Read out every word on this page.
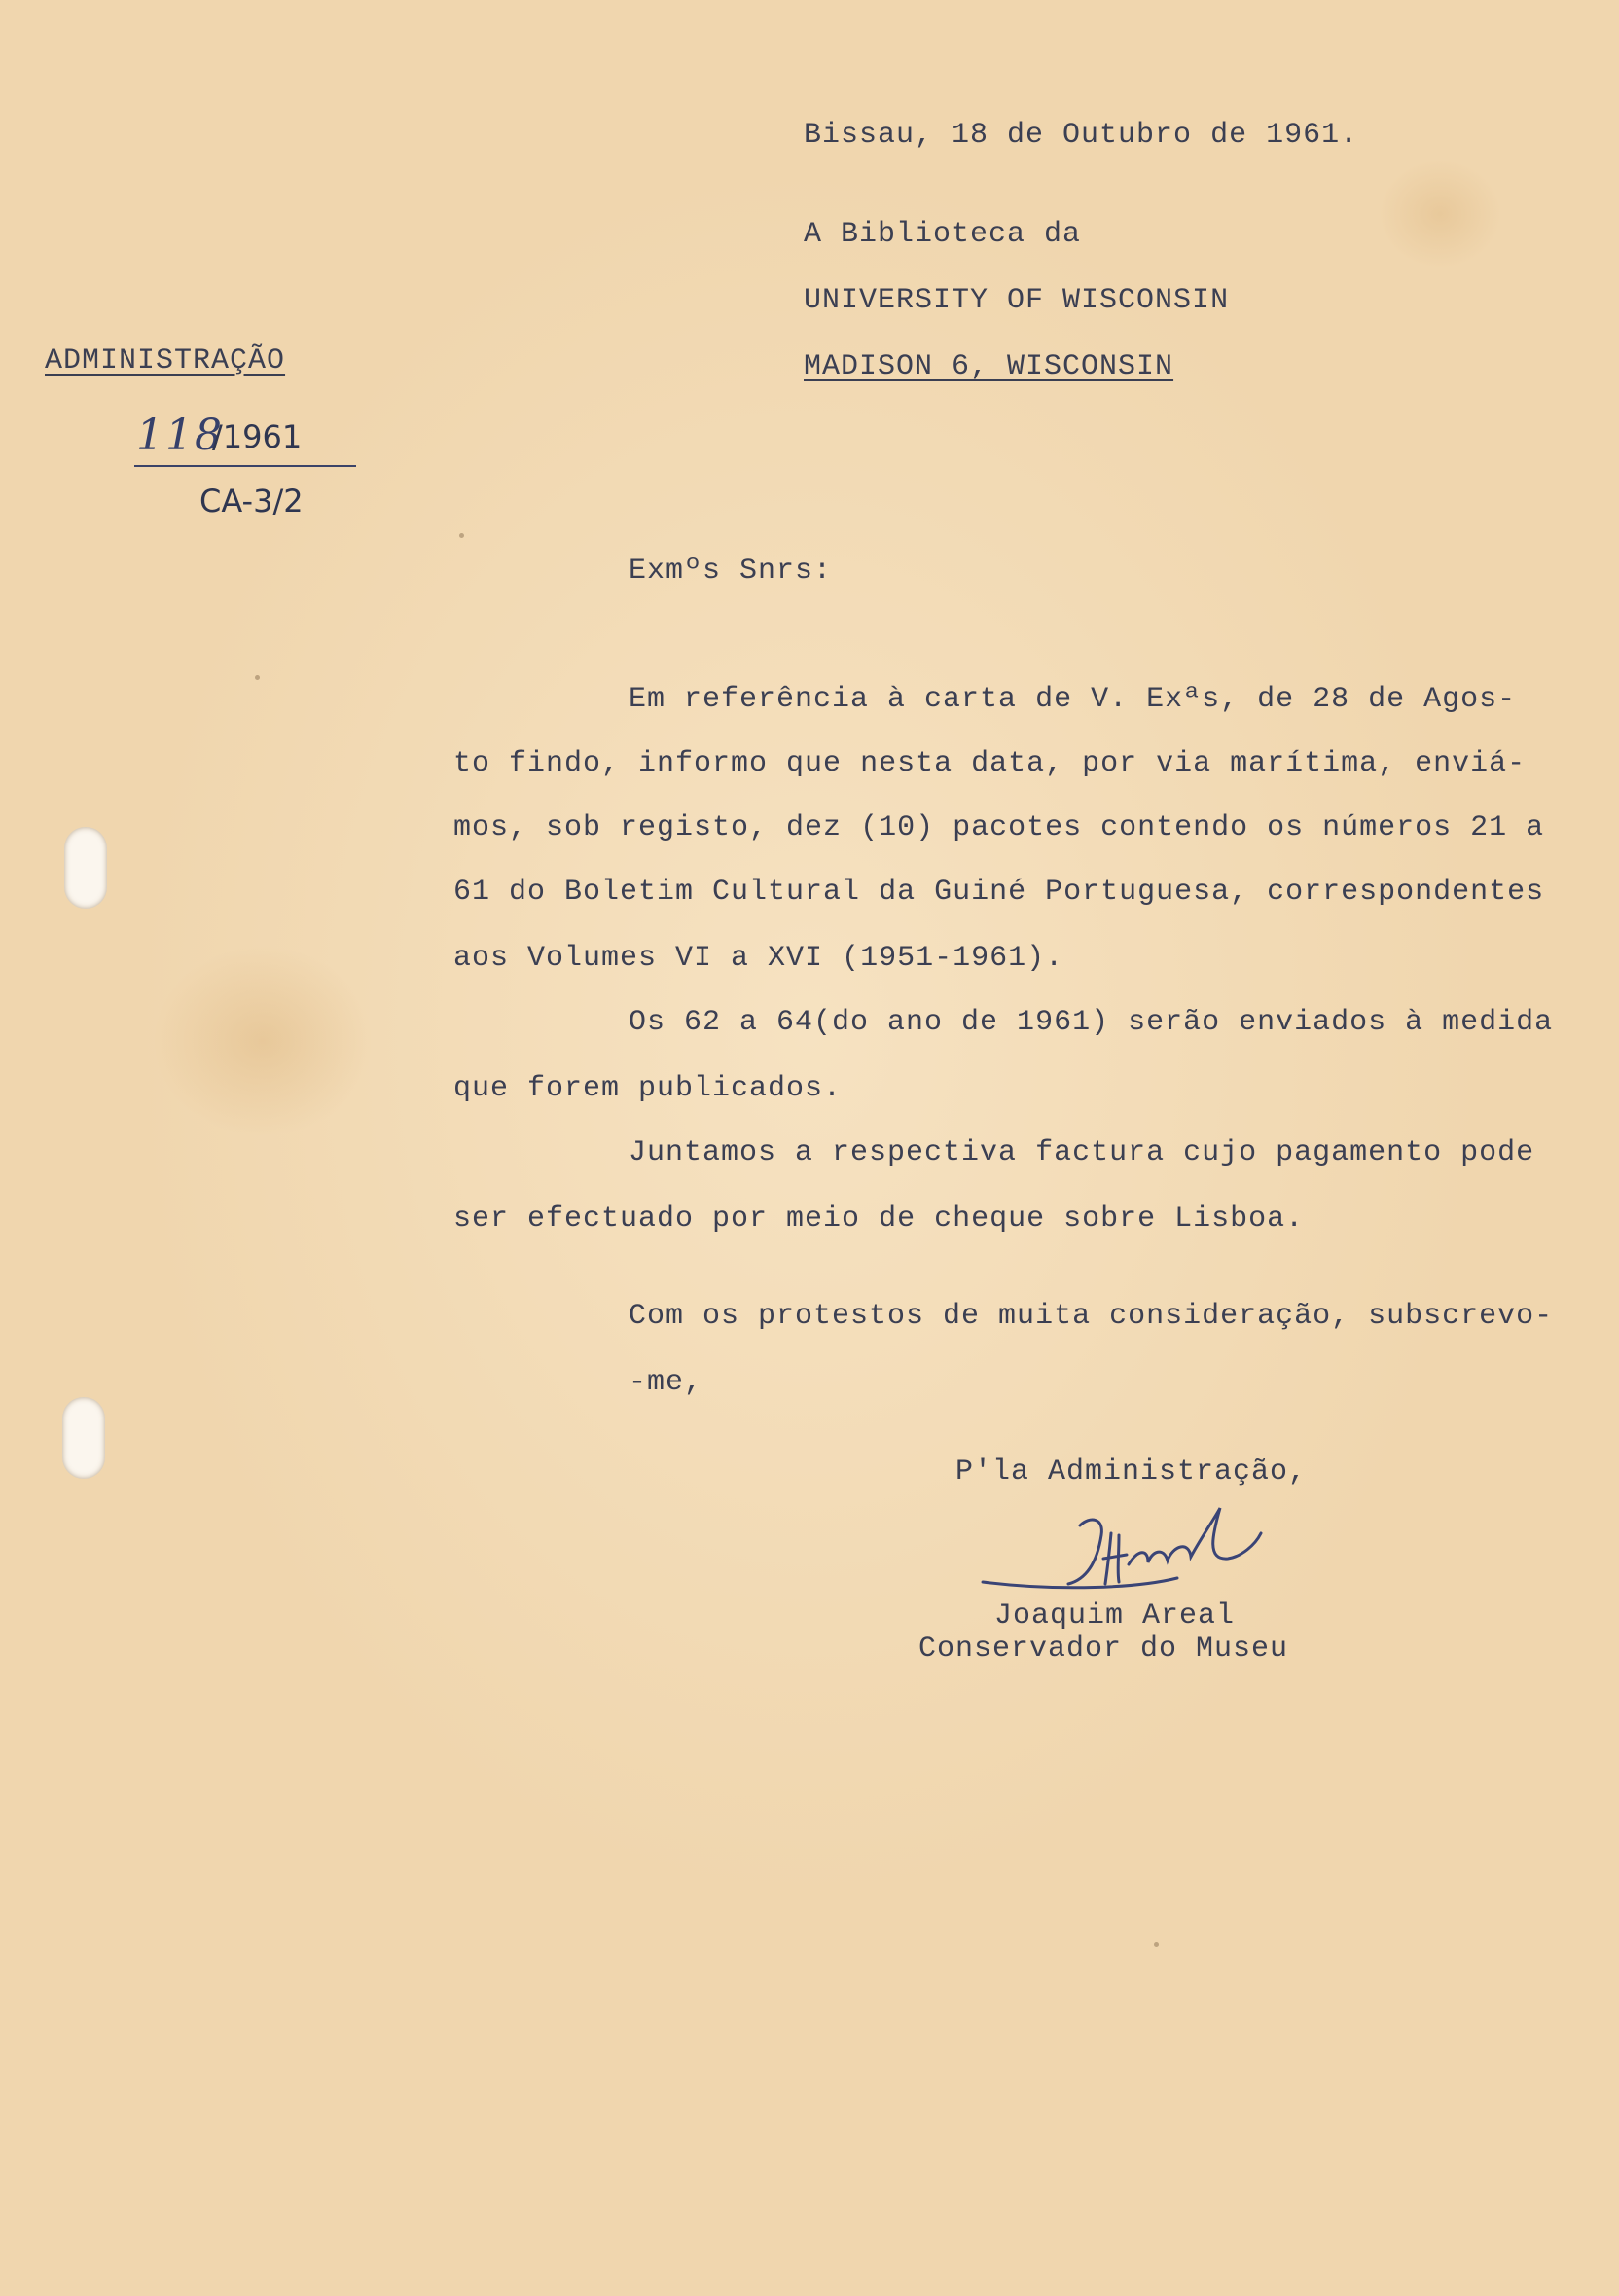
Bissau, 18 de Outubro de 1961.
A Biblioteca da
UNIVERSITY OF WISCONSIN
MADISON 6, WISCONSIN
ADMINISTRAÇÃO
118
/1961
CA-3/2
Exmºs Snrs:
Em referência à carta de V. Exªs, de 28 de Agos-
to findo, informo que nesta data, por via marítima, enviá-
mos, sob registo, dez (10) pacotes contendo os números 21 a
61 do Boletim Cultural da Guiné Portuguesa, correspondentes
aos Volumes VI a XVI (1951-1961).
Os 62 a 64(do ano de 1961) serão enviados à medida
que forem publicados.
Juntamos a respectiva factura cujo pagamento pode
ser efectuado por meio de cheque sobre Lisboa.
Com os protestos de muita consideração, subscrevo-
-me,
P'la Administração,
Joaquim Areal
Conservador do Museu
